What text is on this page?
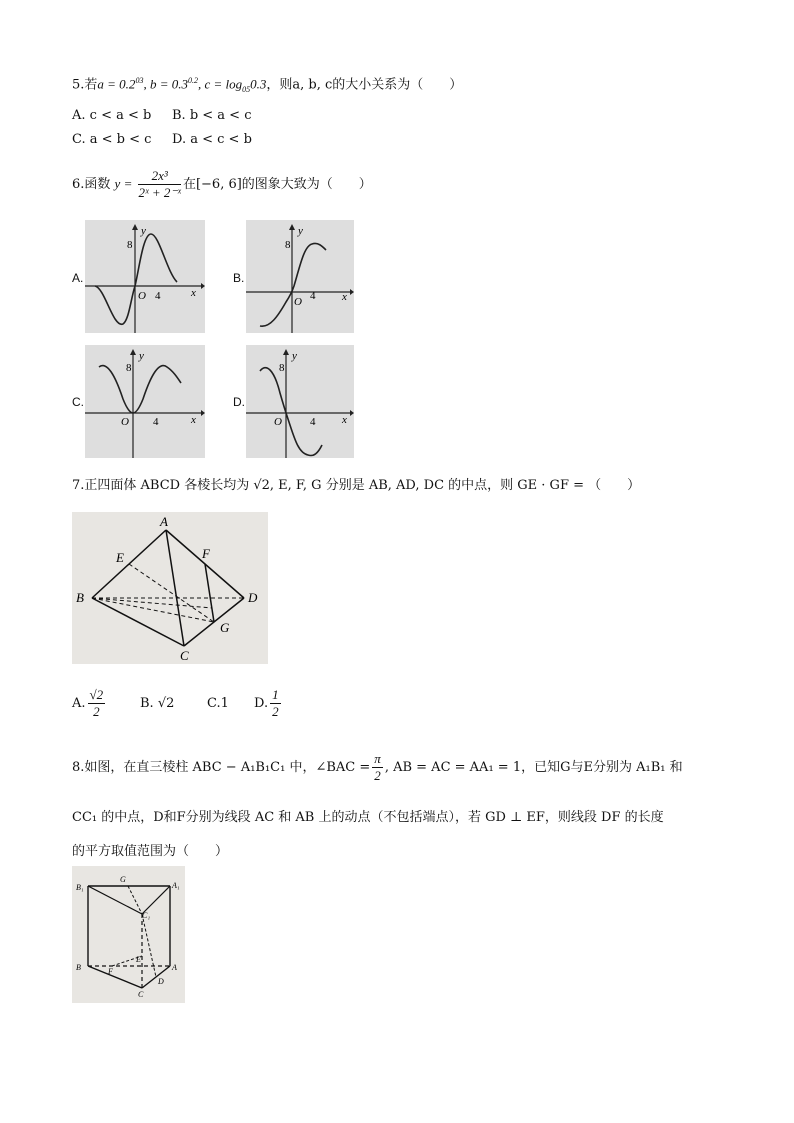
5.若$a = 0.2^{03}$, $b = 0.3^{0.2}$, $c = \log_{05}0.3$，则a, b, c的大小关系为（　　）
A. c < a < b B. b < a < c
C. a < b < c D. a < c < b
6.函数 $y = \frac{\text{2x³}}{\text{2ˣ + 2⁻ˣ}}$ 在[−6, 6]的图象大致为（　　）
A.
8
y
O 4	x
B.
8
y
O 4 x
C.
8
y
O 4	x
D.
8
y
O	4 x
7.正四面体 ABCD 各棱长均为 √2, E, F, G 分别是 AB, AD, DC 的中点，则 GE · GF = （　　）
A
E	F
B	D
G
C
A. $\frac{√2}{2}$	B. √2	C.1 D. $\frac{1}{2}$
8.如图，在直三棱柱 ABC − A₁B₁C₁ 中，∠BAC = $\frac{\pi}{2}$ , AB = AC = AA₁ = 1，已知G与E分别为 A₁B₁ 和
CC₁ 的中点，D和F分别为线段 AC 和 AB 上的动点（不包括端点），若 GD ⊥ EF，则线段 DF 的长度
的平方取值范围为（　　）
B₁
G
A₁
C₁
B	F
E
A
C
D
